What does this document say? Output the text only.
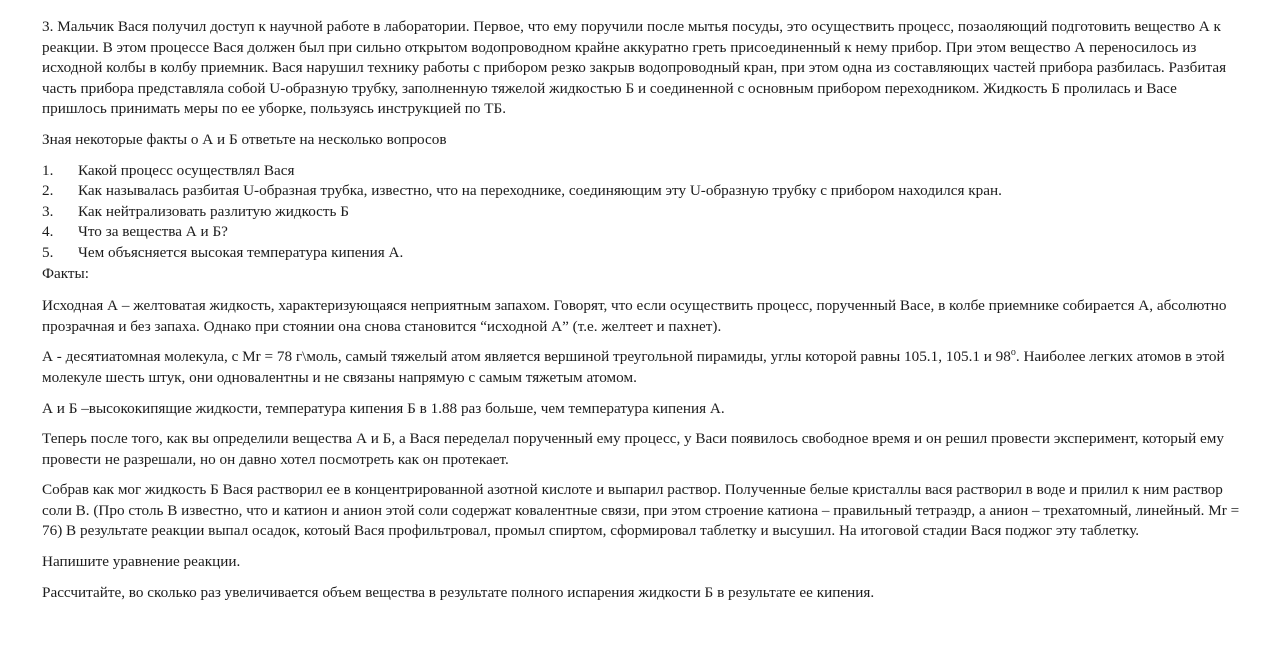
3. Мальчик Вася получил доступ к научной работе в лаборатории. Первое, что ему поручили после мытья посуды, это осуществить процесс, позаоляющий подготовить вещество А к реакции. В этом процессе Вася должен был при сильно открытом водопроводном крайне аккуратно греть присоединенный к нему прибор. При этом вещество А переносилось из исходной колбы в колбу приемник. Вася нарушил технику работы с прибором резко закрыв водопроводный кран, при этом одна из составляющих частей прибора разбилась. Разбитая часть прибора представляла собой U-образную трубку, заполненную тяжелой жидкостью Б и соединенной с основным прибором переходником. Жидкость Б пролилась и Васе пришлось принимать меры по ее уборке, пользуясь инструкцией по ТБ.

Зная некоторые факты о А и Б ответьте на несколько вопросов

1.	Какой процесс осуществлял Вася
2.	Как называлась разбитая U-образная трубка, известно, что на переходнике, соединяющим эту U-образную трубку с прибором находился кран.
3.	Как нейтрализовать разлитую жидкость Б
4.	Что за вещества А и Б?
5.	Чем объясняется высокая температура кипения А.

Факты:

Исходная А – желтоватая жидкость, характеризующаяся неприятным запахом. Говорят, что если осуществить процесс, порученный Васе, в колбе приемнике собирается А, абсолютно прозрачная и без запаха. Однако при стоянии она снова становится “исходной А” (т.е. желтеет и пахнет).

А - десятиатомная молекула, с Mr = 78 г\моль, самый тяжелый атом является вершиной треугольной пирамиды, углы которой равны 105.1, 105.1 и 98$^o$. Наиболее легких атомов в этой молекуле шесть штук, они одновалентны и не связаны напрямую с самым тяжетым атомом.

А и Б –высококипящие жидкости, температура кипения Б в 1.88 раз больше, чем температура кипения А.

Теперь после того, как вы определили вещества А и Б, а Вася переделал порученный ему процесс, у Васи появилось свободное время и он решил провести эксперимент, который ему провести не разрешали, но он давно хотел посмотреть как он протекает.

Собрав как мог жидкость Б Вася растворил ее в концентрированной азотной кислоте и выпарил раствор. Полученные белые кристаллы вася растворил в воде и прилил к ним раствор соли В. (Про столь В известно, что и катион и анион этой соли содержат ковалентные связи, при этом строение катиона – правильный тетраэдр, а анион – трехатомный, линейный. Mr = 76) В результате реакции выпал осадок, котоый Вася профильтровал, промыл спиртом, сформировал таблетку и высушил. На итоговой стадии Вася поджог эту таблетку.

Напишите уравнение реакции.

Рассчитайте, во сколько раз увеличивается объем вещества в результате полного испарения жидкости Б в результате ее кипения.
